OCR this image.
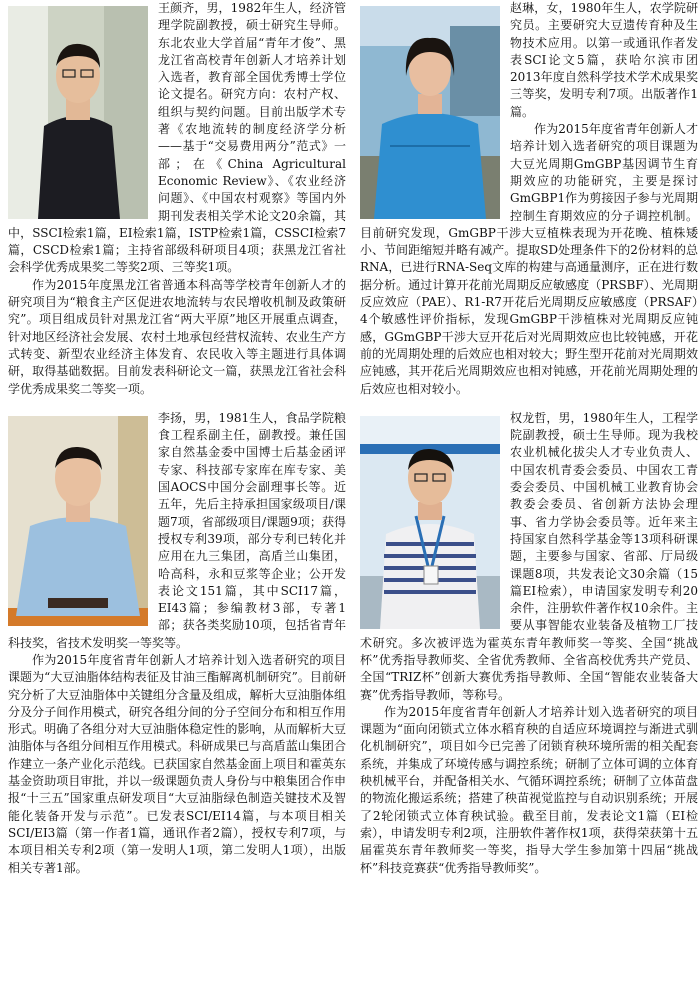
王颜齐，男，1982年生人，经济管理学院副教授，硕士研究生导师。东北农业大学首届“青年才俊”、黑龙江省高校青年创新人才培养计划入选者，教育部全国优秀博士学位论文提名。研究方向：农村产权、组织与契约问题。目前出版学术专著《农地流转的制度经济学分析——基于“交易费用两分”范式》一部；在《China Agricultural Economic Review》、《农业经济问题》、《中国农村观察》等国内外期刊发表相关学术论文20余篇，其中，SSCI检索1篇，EI检索1篇，ISTP检索1篇，CSSCI检索7篇，CSCD检索1篇；主持省部级科研项目4项；获黑龙江省社会科学优秀成果奖二等奖2项、三等奖1项。

作为2015年度黑龙江省普通本科高等学校青年创新人才的研究项目为“粮食主产区促进农地流转与农民增收机制及政策研究”。项目组成员针对黑龙江省“两大平原”地区开展重点调查，针对地区经济社会发展、农村土地承包经营权流转、农业生产方式转变、新型农业经济主体发育、农民收入等主题进行具体调研，取得基础数据。目前发表科研论文一篇，获黑龙江省社会科学优秀成果奖二等奖一项。

李扬，男，1981生人，食品学院粮食工程系副主任，副教授。兼任国家自然基金委中国博士后基金函评专家、科技部专家库在库专家、美国AOCS中国分会副理事长等。近五年，先后主持承担国家级项目/课题7项，省部级项目/课题9项；获得授权专利39项，部分专利已转化并应用在九三集团，高盾兰山集团，哈高科，永和豆浆等企业；公开发表论文151篇，其中SCI17篇，EI43篇；参编教材3部，专著1部；获各类奖励10项，包括省青年科技奖，省技术发明奖一等奖等。

作为2015年度省青年创新人才培养计划入选者研究的项目课题为“大豆油脂体结构表征及甘油三酯解离机制研究”。目前研究分析了大豆油脂体中关键组分含量及组成，解析大豆油脂体组分及分子间作用模式，研究各组分间的分子空间分布和相互作用形式。明确了各组分对大豆油脂体稳定性的影响，从而解析大豆油脂体与各组分间相互作用模式。科研成果已与高盾蓝山集团合作建立一条产业化示范线。已获国家自然基金面上项目和霍英东基金资助项目审批，并以一级课题负责人身份与中粮集团合作申报“十三五”国家重点研发项目“大豆油脂绿色制造关键技术及智能化装备开发与示范”。已发表SCI/EI14篇，与本项目相关SCI/EI3篇（第一作者1篇，通讯作者2篇），授权专利7项，与本项目相关专利2项（第一发明人1项，第二发明人1项），出版相关专著1部。

赵琳，女，1980年生人，农学院研究员。主要研究大豆遗传育种及生物技术应用。以第一或通讯作者发表SCI论文5篇，获哈尔滨市团2013年度自然科学技术学术成果奖三等奖，发明专利7项。出版著作1篇。

作为2015年度省青年创新人才培养计划入选者研究的项目课题为大豆光周期GmGBP基因调节生育期效应的功能研究，主要是探讨GmGBP1作为剪接因子参与光周期控制生育期效应的分子调控机制。目前研究发现，GmGBP干涉大豆植株表现为开花晚、植株矮小、节间距缩短并略有减产。提取SD处理条件下的2份材料的总RNA，已进行RNA-Seq文库的构建与高通量测序，正在进行数据分析。通过计算开花前光周期反应敏感度（PRSBF）、光周期反应效应（PAE）、R1-R7开花后光周期反应敏感度（PRSAF）4个敏感性评价指标，发现GmGBP干涉植株对光周期反应钝感，GGmGBP干涉大豆开花后对光周期效应也比较钝感，开花前的光周期处理的后效应也相对较大；野生型开花前对光周期效应钝感，其开花后光周期效应也相对钝感，开花前光周期处理的后效应也相对较小。

权龙哲，男，1980年生人，工程学院副教授，硕士生导师。现为我校农业机械化拔尖人才专业负责人、中国农机青委会委员、中国农工青委会委员、中国机械工业教育协会教委会委员、省创新方法协会理事、省力学协会委员等。近年来主持国家自然科学基金等13项科研课题，主要参与国家、省部、厅局级课题8项，共发表论文30余篇（15篇EI检索），申请国家发明专利20余件，注册软件著作权10余件。主要从事智能农业装备及植物工厂技术研究。多次被评选为霍英东青年教师奖一等奖、全国“挑战杯”优秀指导教师奖、全省优秀教师、全省高校优秀共产党员、全国“TRIZ杯”创新大赛优秀指导教师、全国“智能农业装备大赛”优秀指导教师，等称号。

作为2015年度省青年创新人才培养计划入选者研究的项目课题为“面向闭锁式立体水稻育秧的自适应环境调控与渐进式驯化机制研究”，项目如今已完善了闭锁育秧环境所需的相关配套系统，并集成了环境传感与调控系统；研制了立体可调的立体育秧机械平台，并配备相关水、气循环调控系统；研制了立体苗盘的物流化搬运系统；搭建了秧苗视觉监控与自动识别系统；开展了2轮闭锁式立体育秧试验。截至目前，发表论文1篇（EI检索），申请发明专利2项，注册软件著作权1项，获得荣获第十五届霍英东青年教师奖一等奖，指导大学生参加第十四届“挑战杯”科技竞赛获“优秀指导教师奖”。
